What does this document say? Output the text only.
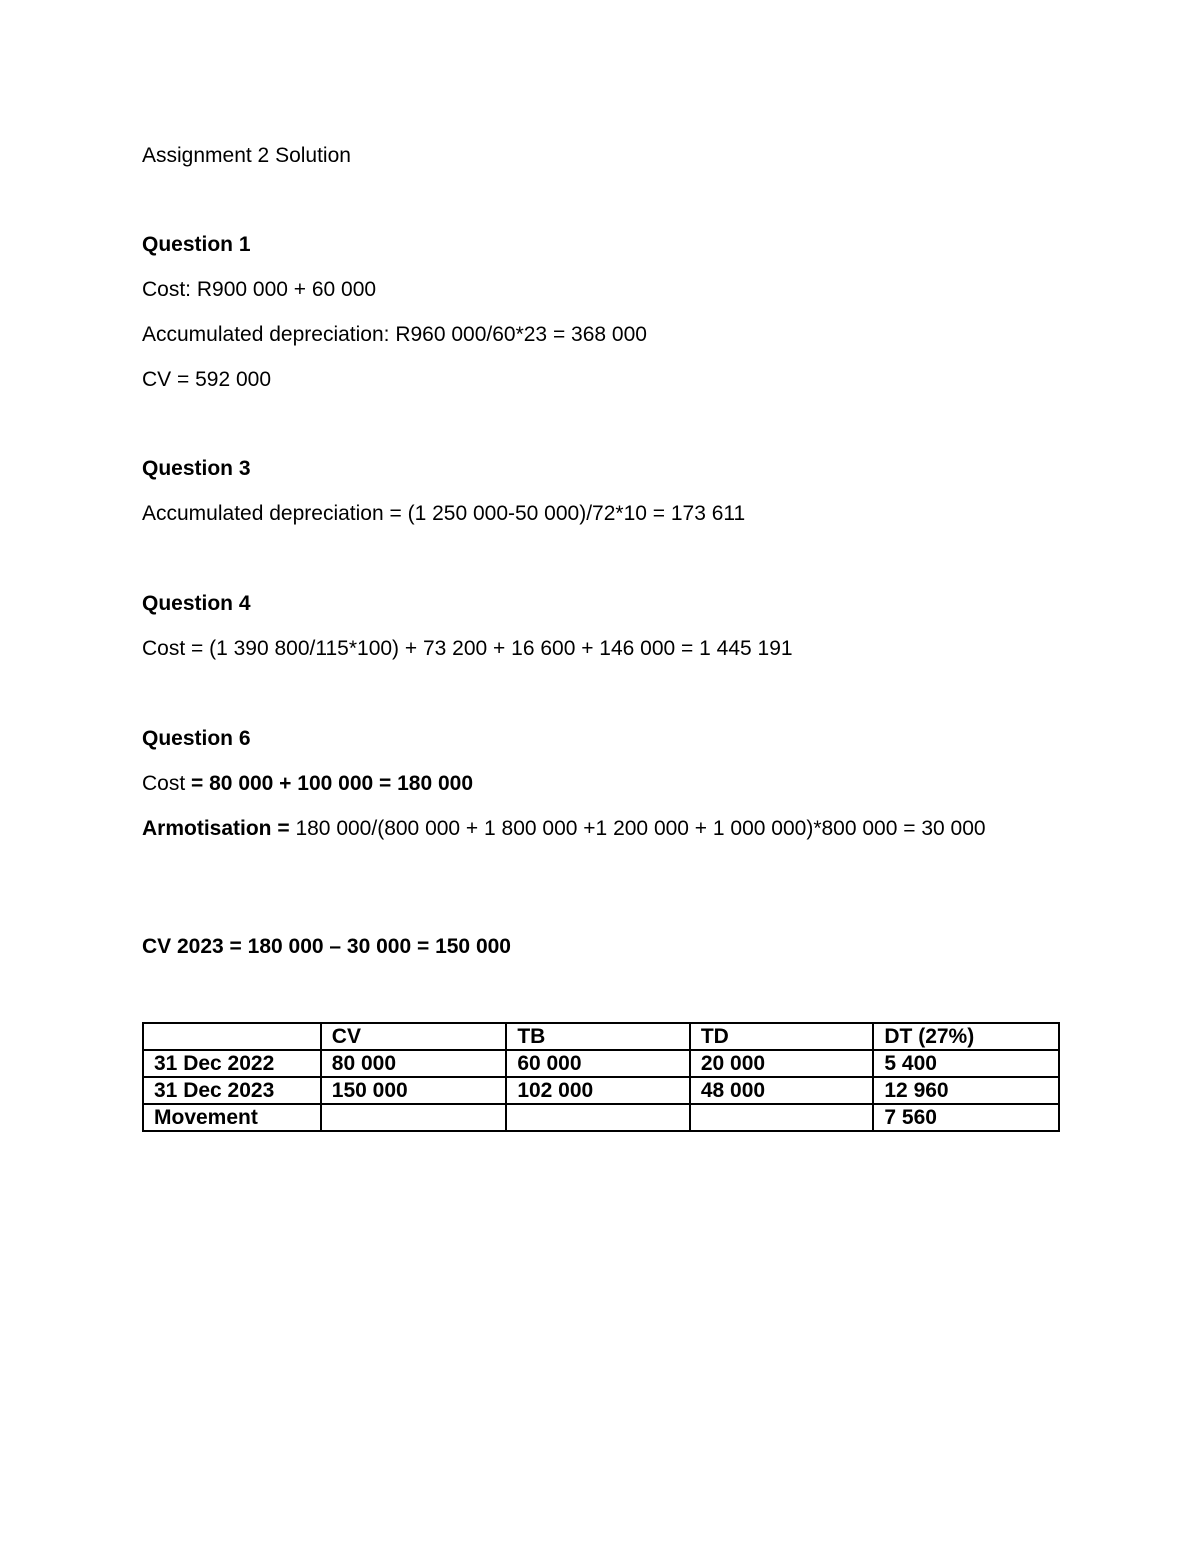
Assignment 2 Solution
Question 1
Cost: R900 000 + 60 000
Accumulated depreciation: R960 000/60*23 = 368 000
CV = 592 000
Question 3
Accumulated depreciation = (1 250 000-50 000)/72*10 = 173 611
Question 4
Cost = (1 390 800/115*100) + 73 200 + 16 600 + 146 000 = 1 445 191
Question 6
Cost = 80 000 + 100 000 = 180 000
Armotisation = 180 000/(800 000 + 1 800 000 +1 200 000 + 1 000 000)*800 000 = 30 000
CV 2023 = 180 000 – 30 000 = 150 000
	CV	TB	TD	DT (27%)
31 Dec 2022	80 000	60 000	20 000	5 400
31 Dec 2023	150 000	102 000	48 000	12 960
Movement				7 560
